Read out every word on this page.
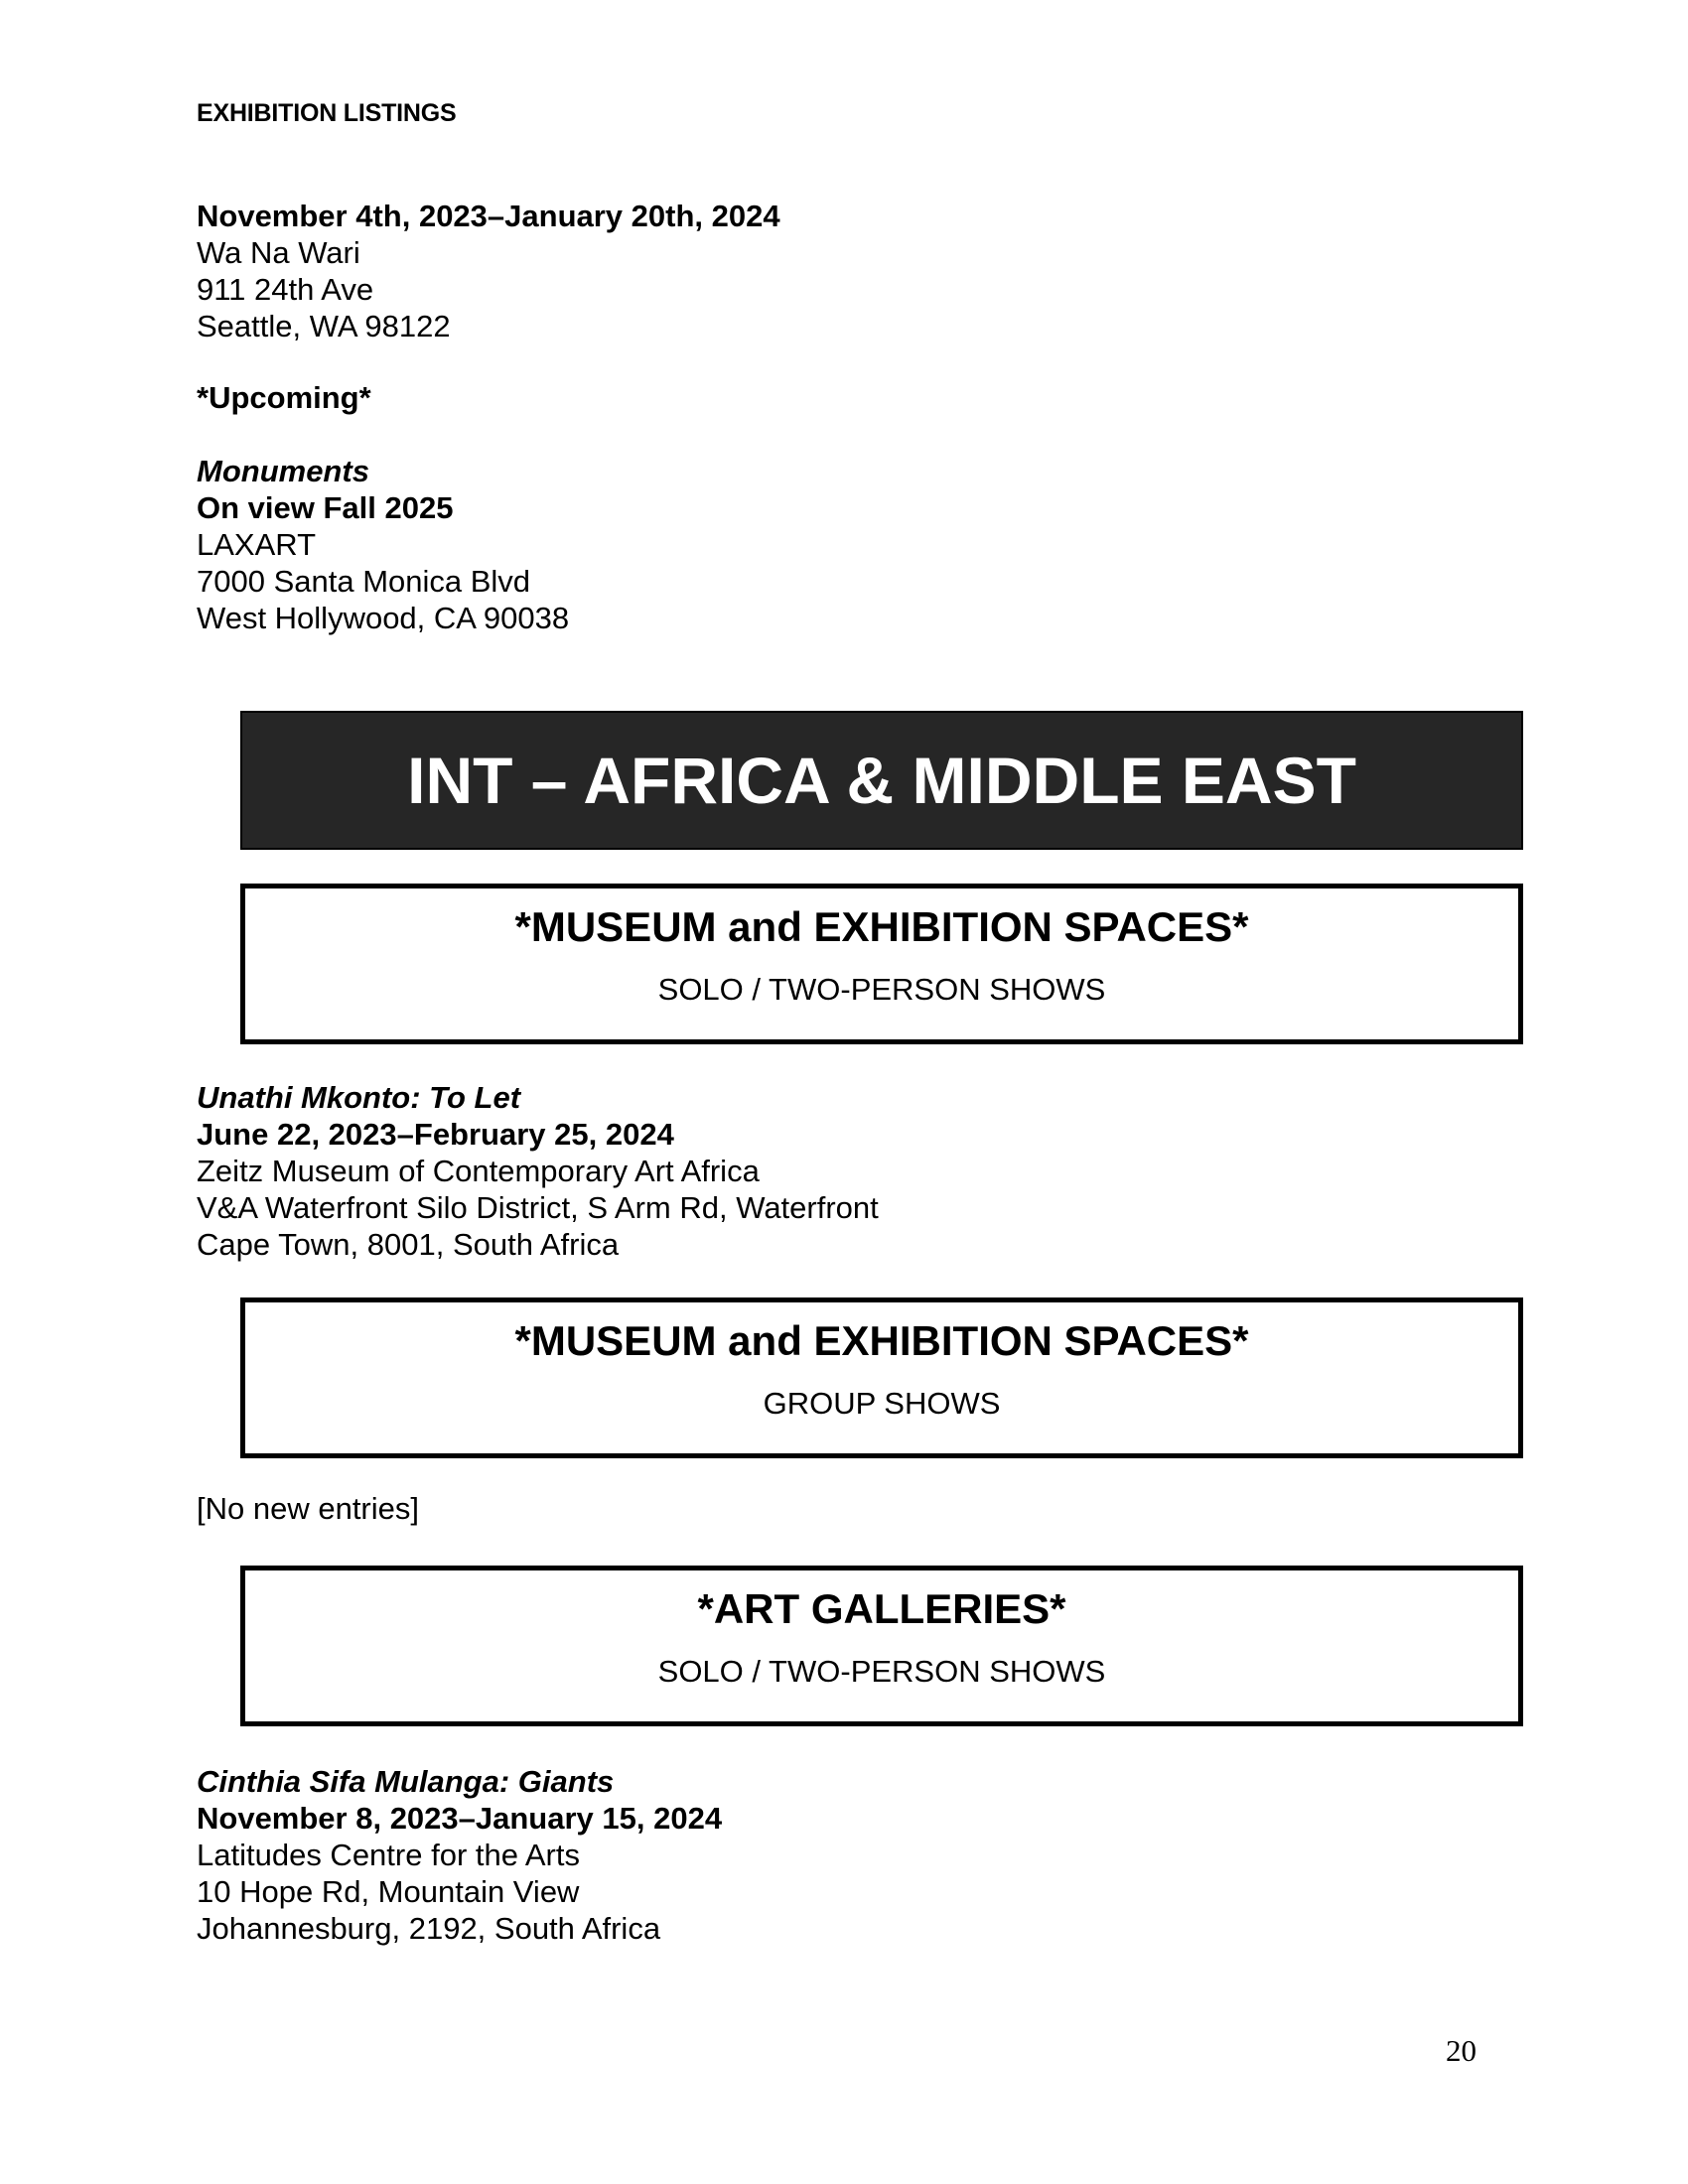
EXHIBITION LISTINGS
November 4th, 2023–January 20th, 2024
Wa Na Wari
911 24th Ave
Seattle, WA 98122
*Upcoming*
Monuments
On view Fall 2025
LAXART
7000 Santa Monica Blvd
West Hollywood, CA 90038
INT – AFRICA & MIDDLE EAST
*MUSEUM and EXHIBITION SPACES*
SOLO / TWO-PERSON SHOWS
Unathi Mkonto: To Let
June 22, 2023–February 25, 2024
Zeitz Museum of Contemporary Art Africa
V&A Waterfront Silo District, S Arm Rd, Waterfront
Cape Town, 8001, South Africa
*MUSEUM and EXHIBITION SPACES*
GROUP SHOWS
[No new entries]
*ART GALLERIES*
SOLO / TWO-PERSON SHOWS
Cinthia Sifa Mulanga: Giants
November 8, 2023–January 15, 2024
Latitudes Centre for the Arts
10 Hope Rd, Mountain View
Johannesburg, 2192, South Africa
20
